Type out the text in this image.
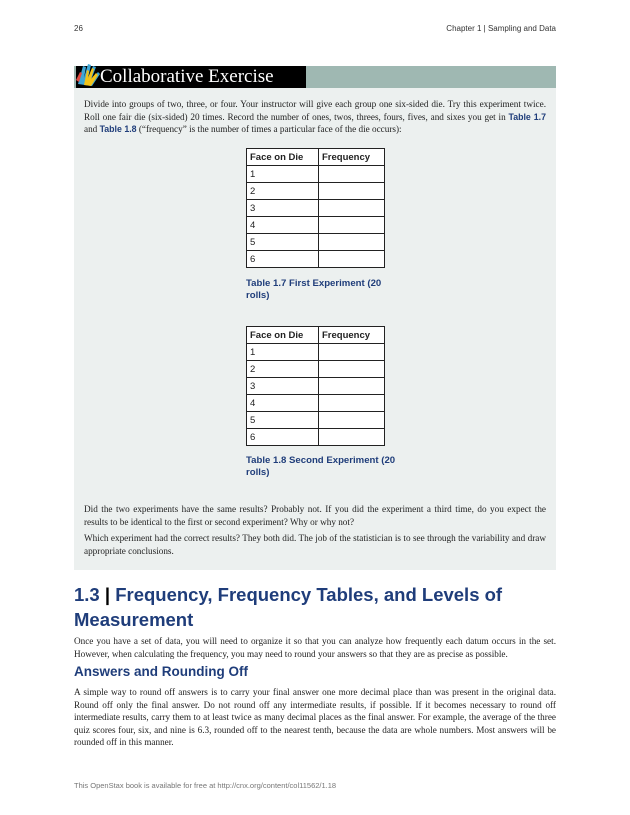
26	Chapter 1 | Sampling and Data
Collaborative Exercise

Divide into groups of two, three, or four. Your instructor will give each group one six-sided die. Try this experiment twice. Roll one fair die (six-sided) 20 times. Record the number of ones, twos, threes, fours, fives, and sixes you get in Table 1.7 and Table 1.8 (“frequency” is the number of times a particular face of the die occurs):

Face on Die	Frequency
1	
2	
3	
4	
5	
6	

Table 1.7 First Experiment (20 rolls)

Face on Die	Frequency
1	
2	
3	
4	
5	
6	

Table 1.8 Second Experiment (20 rolls)

Did the two experiments have the same results? Probably not. If you did the experiment a third time, do you expect the results to be identical to the first or second experiment? Why or why not?

Which experiment had the correct results? They both did. The job of the statistician is to see through the variability and draw appropriate conclusions.

1.3 | Frequency, Frequency Tables, and Levels of Measurement

Once you have a set of data, you will need to organize it so that you can analyze how frequently each datum occurs in the set. However, when calculating the frequency, you may need to round your answers so that they are as precise as possible.

Answers and Rounding Off

A simple way to round off answers is to carry your final answer one more decimal place than was present in the original data. Round off only the final answer. Do not round off any intermediate results, if possible. If it becomes necessary to round off intermediate results, carry them to at least twice as many decimal places as the final answer. For example, the average of the three quiz scores four, six, and nine is 6.3, rounded off to the nearest tenth, because the data are whole numbers. Most answers will be rounded off in this manner.

This OpenStax book is available for free at http://cnx.org/content/col11562/1.18
